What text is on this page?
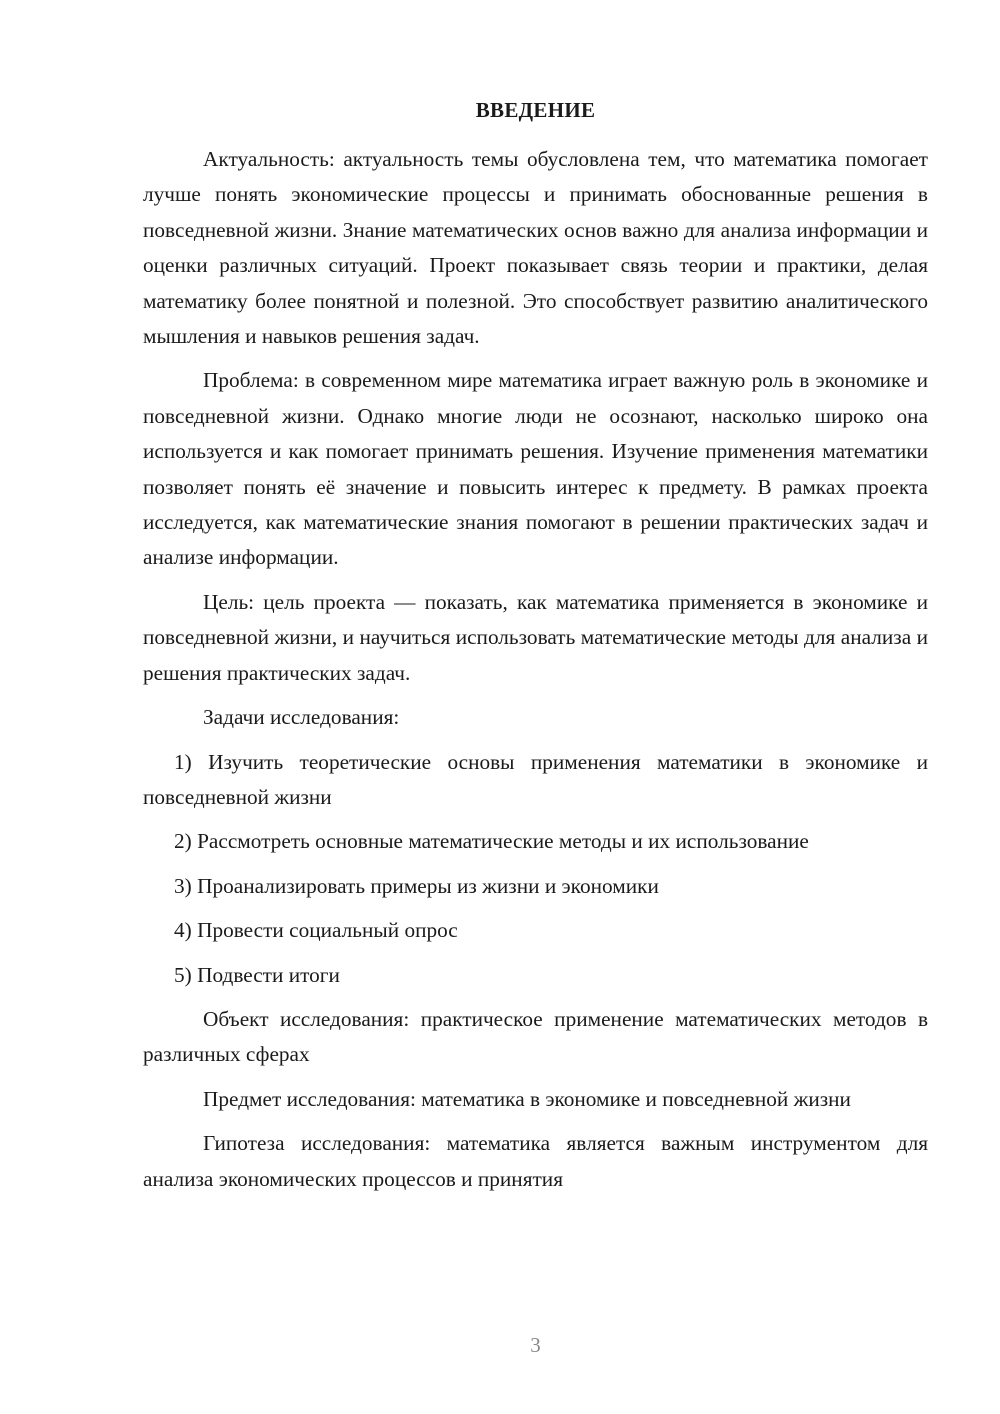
ВВЕДЕНИЕ

Актуальность: актуальность темы обусловлена тем, что математика помогает лучше понять экономические процессы и принимать обоснованные решения в повседневной жизни. Знание математических основ важно для анализа информации и оценки различных ситуаций. Проект показывает связь теории и практики, делая математику более понятной и полезной. Это способствует развитию аналитического мышления и навыков решения задач.

Проблема: в современном мире математика играет важную роль в экономике и повседневной жизни. Однако многие люди не осознают, насколько широко она используется и как помогает принимать решения. Изучение применения математики позволяет понять её значение и повысить интерес к предмету. В рамках проекта исследуется, как математические знания помогают в решении практических задач и анализе информации.

Цель: цель проекта — показать, как математика применяется в экономике и повседневной жизни, и научиться использовать математические методы для анализа и решения практических задач.

Задачи исследования:

1) Изучить теоретические основы применения математики в экономике и повседневной жизни

2) Рассмотреть основные математические методы и их использование

3) Проанализировать примеры из жизни и экономики

4) Провести социальный опрос

5) Подвести итоги

Объект исследования: практическое применение математических методов в различных сферах

Предмет исследования: математика в экономике и повседневной жизни

Гипотеза исследования: математика является важным инструментом для анализа экономических процессов и принятия

3
